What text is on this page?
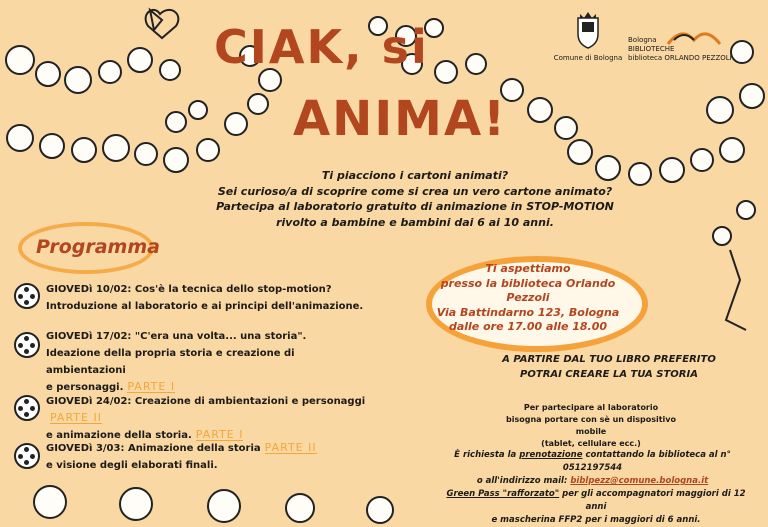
Comune di Bologna
Bologna
BIBLIOTECHE
biblioteca ORLANDO PEZZOLI
CIAK, si
ANIMA!
Ti piacciono i cartoni animati?
Sei curioso/a di scoprire come si crea un vero cartone animato?
Partecipa al laboratorio gratuito di animazione in STOP-MOTION
rivolto a bambine e bambini dai 6 ai 10 anni.
Programma
GIOVEDì 10/02: Cos'è la tecnica dello stop-motion?
Introduzione al laboratorio e ai principi dell'animazione.
GIOVEDì 17/02: "C'era una volta... una storia".
Ideazione della propria storia e creazione di ambientazioni
e personaggi. PARTE I
GIOVEDì 24/02: Creazione di ambientazioni e personaggiPARTE II
e animazione della storia. PARTE I
GIOVEDì 3/03: Animazione della storia PARTE II
e visione degli elaborati finali.
Ti aspettiamo
presso la biblioteca Orlando Pezzoli
Via Battindarno 123, Bologna
dalle ore 17.00 alle 18.00
A PARTIRE DAL TUO LIBRO PREFERITO
POTRAI CREARE LA TUA STORIA
Per partecipare al laboratorio
bisogna portare con sè un dispositivo mobile
(tablet, cellulare ecc.)
È richiesta la prenotazione contattando la biblioteca al n° 0512197544
o all'indirizzo mail: biblpezz@comune.bologna.it
Green Pass "rafforzato" per gli accompagnatori maggiori di 12 anni
e mascherina FFP2 per i maggiori di 6 anni.
